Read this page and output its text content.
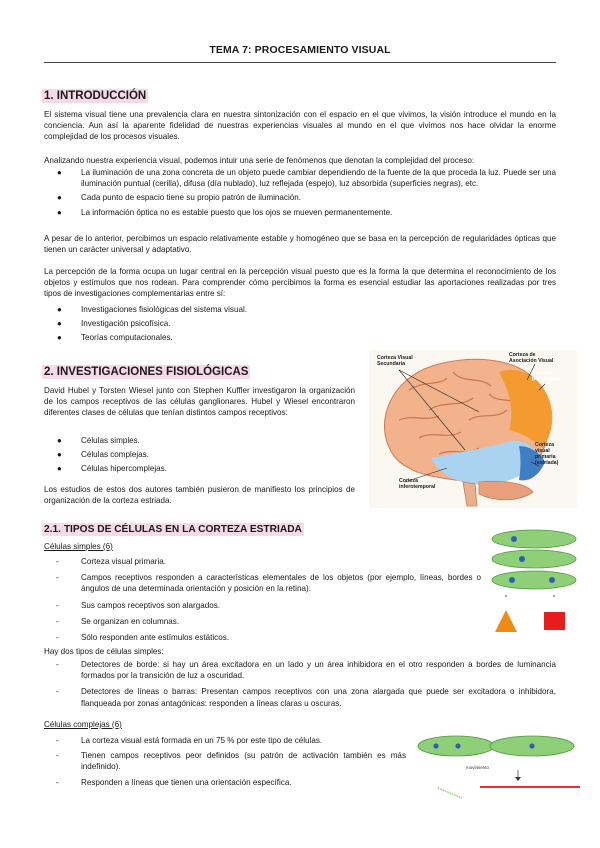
TEMA 7: PROCESAMIENTO VISUAL
1. INTRODUCCIÓN
El sistema visual tiene una prevalencia clara en nuestra sintonización con el espacio en el que vivimos, la visión introduce el mundo en la conciencia. Aun así la aparente fidelidad de nuestras experiencias visuales al mundo en el que vivimos nos hace olvidar la enorme complejidad de los procesos visuales.
Analizando nuestra experiencia visual, podemos intuir una serie de fenómenos que denotan la complejidad del proceso:
● La iluminación de una zona concreta de un objeto puede cambiar dependiendo de la fuente de la que proceda la luz. Puede ser una iluminación puntual (cerilla), difusa (día nublado), luz reflejada (espejo), luz absorbida (superficies negras), etc.
● Cada punto de espacio tiene su propio patrón de iluminación.
● La información óptica no es estable puesto que los ojos se mueven permanentemente.
A pesar de lo anterior, percibimos un espacio relativamente estable y homogéneo que se basa en la percepción de regularidades ópticas que tienen un carácter universal y adaptativo.
La percepción de la forma ocupa un lugar central en la percepción visual puesto que es la forma la que determina el reconocimiento de los objetos y estímulos que nos rodean. Para comprender cómo percibimos la forma es esencial estudiar las aportaciones realizadas por tres tipos de investigaciones complementarias entre sí:
● Investigaciones fisiológicas del sistema visual.
● Investigación psicofísica.
● Teorías computacionales.
2. INVESTIGACIONES FISIOLÓGICAS
David Hubel y Torsten Wiesel junto con Stephen Kuffler investigaron la organización de los campos receptivos de las células ganglionares. Hubel y Wiesel encontraron diferentes clases de células que tenían distintos campos receptivos:
● Células simples.
● Células complejas.
● Células hipercomplejas.
Los estudios de estos dos autores también pusieron de manifiesto los principios de organización de la corteza estriada.
Corteza Visual
Secundaria
Corteza de
Asociación Visual
Corteza
preestriada
Corteza
visual
primaria
(estriada)
Corteza
inferotemporal
2.1. TIPOS DE CÉLULAS EN LA CORTEZA ESTRIADA
Células simples (6)
-	Corteza visual primaria.
-	Campos receptivos responden a características elementales de los objetos (por ejemplo, líneas, bordes o ángulos de una determinada orientación y posición en la retina).
-	Sus campos receptivos son alargados.
-	Se organizan en columnas.
-	Sólo responden ante estímulos estáticos.
Hay dos tipos de células simples:
-	Detectores de borde: si hay un área excitadora en un lado y un área inhibidora en el otro responden a bordes de luminancia formados por la transición de luz a oscuridad.
-	Detectores de líneas o barras: Presentan campos receptivos con una zona alargada que puede ser excitadora o inhibidora, flanqueada por zonas antagónicas: responden a líneas claras u oscuras.
Células complejas (6)
-	La corteza visual está formada en un 75 % por este tipo de células.
-	Tienen campos receptivos peor definidos (su patrón de activación también es más indefinido).
-	Responden a líneas que tienen una orientación específica.
movimiento
